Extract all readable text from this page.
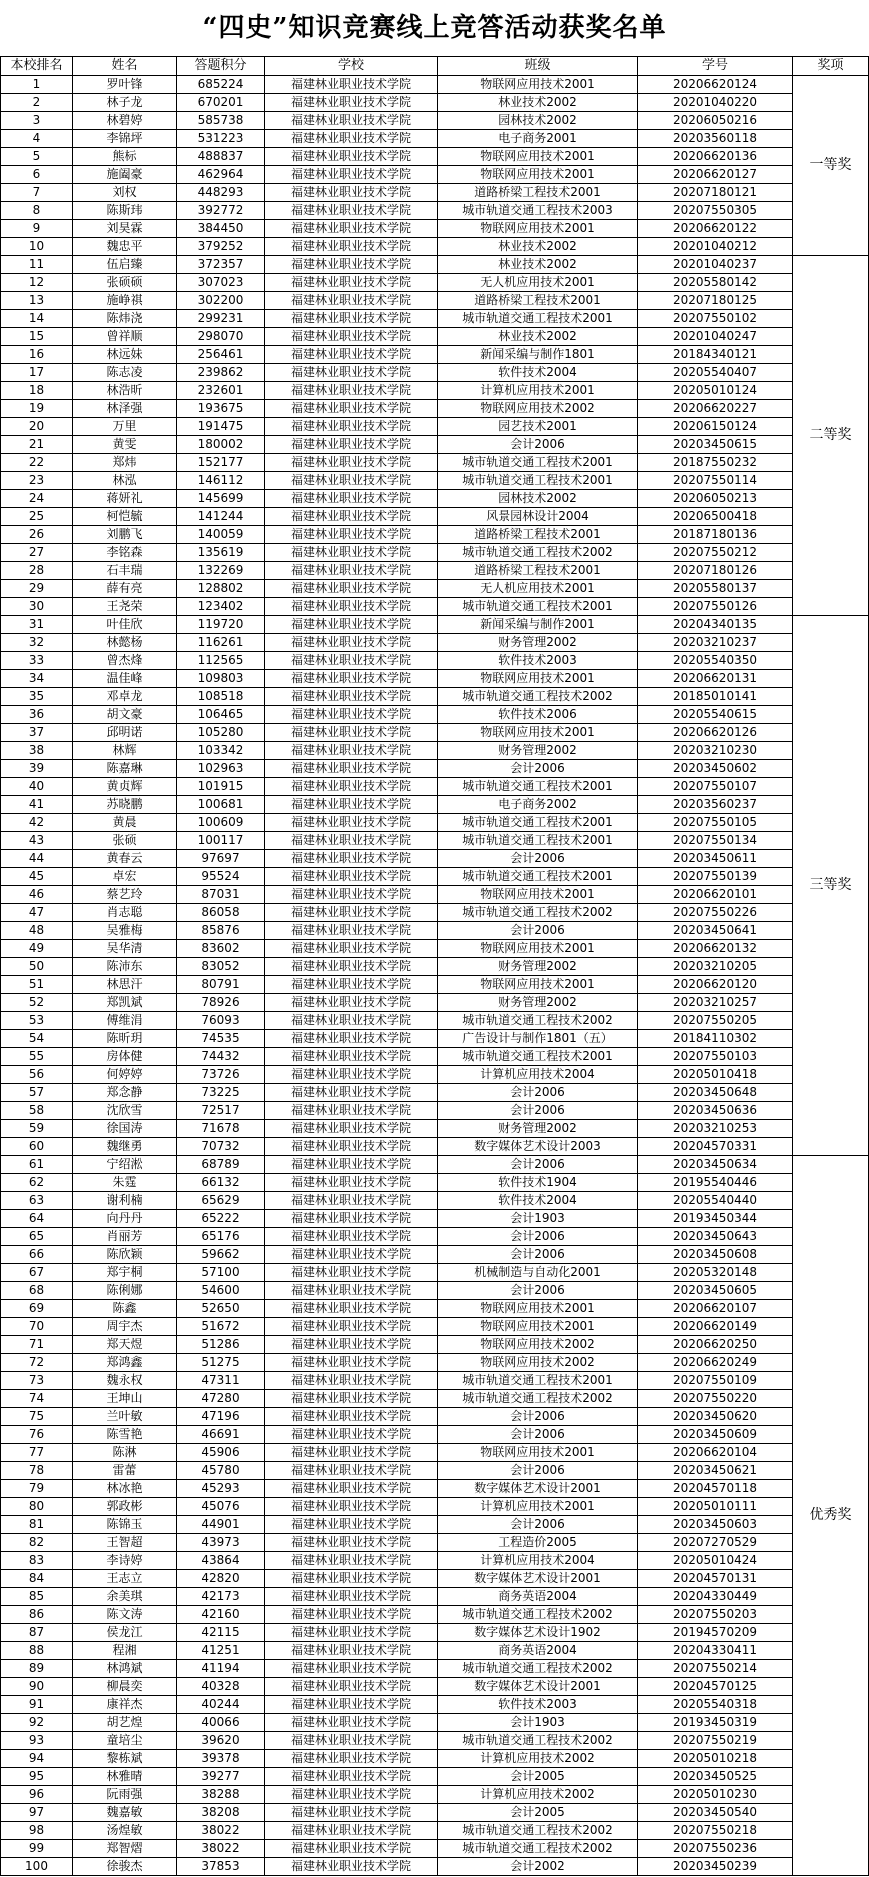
“四史”知识竞赛线上竞答活动获奖名单
本校排名	姓名	答题积分	学校	班级	学号	奖项
1	罗叶锋	685224	福建林业职业技术学院	物联网应用技术2001	20206620124	一等奖
2	林子龙	670201	福建林业职业技术学院	林业技术2002	20201040220	
3	林碧婷	585738	福建林业职业技术学院	园林技术2002	20206050216	
4	李锦坪	531223	福建林业职业技术学院	电子商务2001	20203560118	
5	熊标	488837	福建林业职业技术学院	物联网应用技术2001	20206620136	
6	施阖豪	462964	福建林业职业技术学院	物联网应用技术2001	20206620127	
7	刘权	448293	福建林业职业技术学院	道路桥梁工程技术2001	20207180121	
8	陈斯玮	392772	福建林业职业技术学院	城市轨道交通工程技术2003	20207550305	
9	刘昊霖	384450	福建林业职业技术学院	物联网应用技术2001	20206620122	
10	魏忠平	379252	福建林业职业技术学院	林业技术2002	20201040212	
11	伍启臻	372357	福建林业职业技术学院	林业技术2002	20201040237	二等奖
12	张硕硕	307023	福建林业职业技术学院	无人机应用技术2001	20205580142	
13	施峥祺	302200	福建林业职业技术学院	道路桥梁工程技术2001	20207180125	
14	陈炜浇	299231	福建林业职业技术学院	城市轨道交通工程技术2001	20207550102	
15	曾祥顺	298070	福建林业职业技术学院	林业技术2002	20201040247	
16	林远妹	256461	福建林业职业技术学院	新闻采编与制作1801	20184340121	
17	陈志凌	239862	福建林业职业技术学院	软件技术2004	20205540407	
18	林浩昕	232601	福建林业职业技术学院	计算机应用技术2001	20205010124	
19	林泽强	193675	福建林业职业技术学院	物联网应用技术2002	20206620227	
20	万里	191475	福建林业职业技术学院	园艺技术2001	20206150124	
21	黄雯	180002	福建林业职业技术学院	会计2006	20203450615	
22	郑炜	152177	福建林业职业技术学院	城市轨道交通工程技术2001	20187550232	
23	林泓	146112	福建林业职业技术学院	城市轨道交通工程技术2001	20207550114	
24	蒋妍礼	145699	福建林业职业技术学院	园林技术2002	20206050213	
25	柯恺毓	141244	福建林业职业技术学院	风景园林设计2004	20206500418	
26	刘鹏飞	140059	福建林业职业技术学院	道路桥梁工程技术2001	20187180136	
27	李铭森	135619	福建林业职业技术学院	城市轨道交通工程技术2002	20207550212	
28	石丰瑞	132269	福建林业职业技术学院	道路桥梁工程技术2001	20207180126	
29	薛有亮	128802	福建林业职业技术学院	无人机应用技术2001	20205580137	
30	王尧荣	123402	福建林业职业技术学院	城市轨道交通工程技术2001	20207550126	
31	叶佳欣	119720	福建林业职业技术学院	新闻采编与制作2001	20204340135	三等奖
32	林懿杨	116261	福建林业职业技术学院	财务管理2002	20203210237	
33	曾杰烽	112565	福建林业职业技术学院	软件技术2003	20205540350	
34	温佳峰	109803	福建林业职业技术学院	物联网应用技术2001	20206620131	
35	邓卓龙	108518	福建林业职业技术学院	城市轨道交通工程技术2002	20185010141	
36	胡文豪	106465	福建林业职业技术学院	软件技术2006	20205540615	
37	邱明诺	105280	福建林业职业技术学院	物联网应用技术2001	20206620126	
38	林辉	103342	福建林业职业技术学院	财务管理2002	20203210230	
39	陈嘉琳	102963	福建林业职业技术学院	会计2006	20203450602	
40	黄贞辉	101915	福建林业职业技术学院	城市轨道交通工程技术2001	20207550107	
41	苏晓鹏	100681	福建林业职业技术学院	电子商务2002	20203560237	
42	黄晨	100609	福建林业职业技术学院	城市轨道交通工程技术2001	20207550105	
43	张硕	100117	福建林业职业技术学院	城市轨道交通工程技术2001	20207550134	
44	黄春云	97697	福建林业职业技术学院	会计2006	20203450611	
45	卓宏	95524	福建林业职业技术学院	城市轨道交通工程技术2001	20207550139	
46	蔡艺玲	87031	福建林业职业技术学院	物联网应用技术2001	20206620101	
47	肖志聪	86058	福建林业职业技术学院	城市轨道交通工程技术2002	20207550226	
48	吴雅梅	85876	福建林业职业技术学院	会计2006	20203450641	
49	吴华清	83602	福建林业职业技术学院	物联网应用技术2001	20206620132	
50	陈沛东	83052	福建林业职业技术学院	财务管理2002	20203210205	
51	林思汗	80791	福建林业职业技术学院	物联网应用技术2001	20206620120	
52	郑凯斌	78926	福建林业职业技术学院	财务管理2002	20203210257	
53	傅维涓	76093	福建林业职业技术学院	城市轨道交通工程技术2002	20207550205	
54	陈昕玥	74535	福建林业职业技术学院	广告设计与制作1801（五）	20184110302	
55	房体健	74432	福建林业职业技术学院	城市轨道交通工程技术2001	20207550103	
56	何婷婷	73726	福建林业职业技术学院	计算机应用技术2004	20205010418	
57	郑念静	73225	福建林业职业技术学院	会计2006	20203450648	
58	沈欣雪	72517	福建林业职业技术学院	会计2006	20203450636	
59	徐国涛	71678	福建林业职业技术学院	财务管理2002	20203210253	
60	魏继勇	70732	福建林业职业技术学院	数字媒体艺术设计2003	20204570331	
61	宁绍淞	68789	福建林业职业技术学院	会计2006	20203450634	优秀奖
62	朱霆	66132	福建林业职业技术学院	软件技术1904	20195540446	
63	谢利楠	65629	福建林业职业技术学院	软件技术2004	20205540440	
64	向丹丹	65222	福建林业职业技术学院	会计1903	20193450344	
65	肖丽芳	65176	福建林业职业技术学院	会计2006	20203450643	
66	陈欣颖	59662	福建林业职业技术学院	会计2006	20203450608	
67	郑宇桐	57100	福建林业职业技术学院	机械制造与自动化2001	20205320148	
68	陈俐娜	54600	福建林业职业技术学院	会计2006	20203450605	
69	陈鑫	52650	福建林业职业技术学院	物联网应用技术2001	20206620107	
70	周宇杰	51672	福建林业职业技术学院	物联网应用技术2001	20206620149	
71	郑天煜	51286	福建林业职业技术学院	物联网应用技术2002	20206620250	
72	郑鸿鑫	51275	福建林业职业技术学院	物联网应用技术2002	20206620249	
73	魏永权	47311	福建林业职业技术学院	城市轨道交通工程技术2001	20207550109	
74	王坤山	47280	福建林业职业技术学院	城市轨道交通工程技术2002	20207550220	
75	兰叶敏	47196	福建林业职业技术学院	会计2006	20203450620	
76	陈雪艳	46691	福建林业职业技术学院	会计2006	20203450609	
77	陈淋	45906	福建林业职业技术学院	物联网应用技术2001	20206620104	
78	雷蕾	45780	福建林业职业技术学院	会计2006	20203450621	
79	林冰艳	45293	福建林业职业技术学院	数字媒体艺术设计2001	20204570118	
80	郭政彬	45076	福建林业职业技术学院	计算机应用技术2001	20205010111	
81	陈锦玉	44901	福建林业职业技术学院	会计2006	20203450603	
82	王智超	43973	福建林业职业技术学院	工程造价2005	20207270529	
83	李诗婷	43864	福建林业职业技术学院	计算机应用技术2004	20205010424	
84	王志立	42820	福建林业职业技术学院	数字媒体艺术设计2001	20204570131	
85	余美琪	42173	福建林业职业技术学院	商务英语2004	20204330449	
86	陈文涛	42160	福建林业职业技术学院	城市轨道交通工程技术2002	20207550203	
87	侯龙江	42115	福建林业职业技术学院	数字媒体艺术设计1902	20194570209	
88	程湘	41251	福建林业职业技术学院	商务英语2004	20204330411	
89	林鸿斌	41194	福建林业职业技术学院	城市轨道交通工程技术2002	20207550214	
90	柳晨奕	40328	福建林业职业技术学院	数字媒体艺术设计2001	20204570125	
91	康祥杰	40244	福建林业职业技术学院	软件技术2003	20205540318	
92	胡艺煌	40066	福建林业职业技术学院	会计1903	20193450319	
93	童培尘	39620	福建林业职业技术学院	城市轨道交通工程技术2002	20207550219	
94	黎栋斌	39378	福建林业职业技术学院	计算机应用技术2002	20205010218	
95	林雅晴	39277	福建林业职业技术学院	会计2005	20203450525	
96	阮雨强	38288	福建林业职业技术学院	计算机应用技术2002	20205010230	
97	魏嘉敏	38208	福建林业职业技术学院	会计2005	20203450540	
98	汤煌敏	38022	福建林业职业技术学院	城市轨道交通工程技术2002	20207550218	
99	郑智熠	38022	福建林业职业技术学院	城市轨道交通工程技术2002	20207550236	
100	徐骏杰	37853	福建林业职业技术学院	会计2002	20203450239	
